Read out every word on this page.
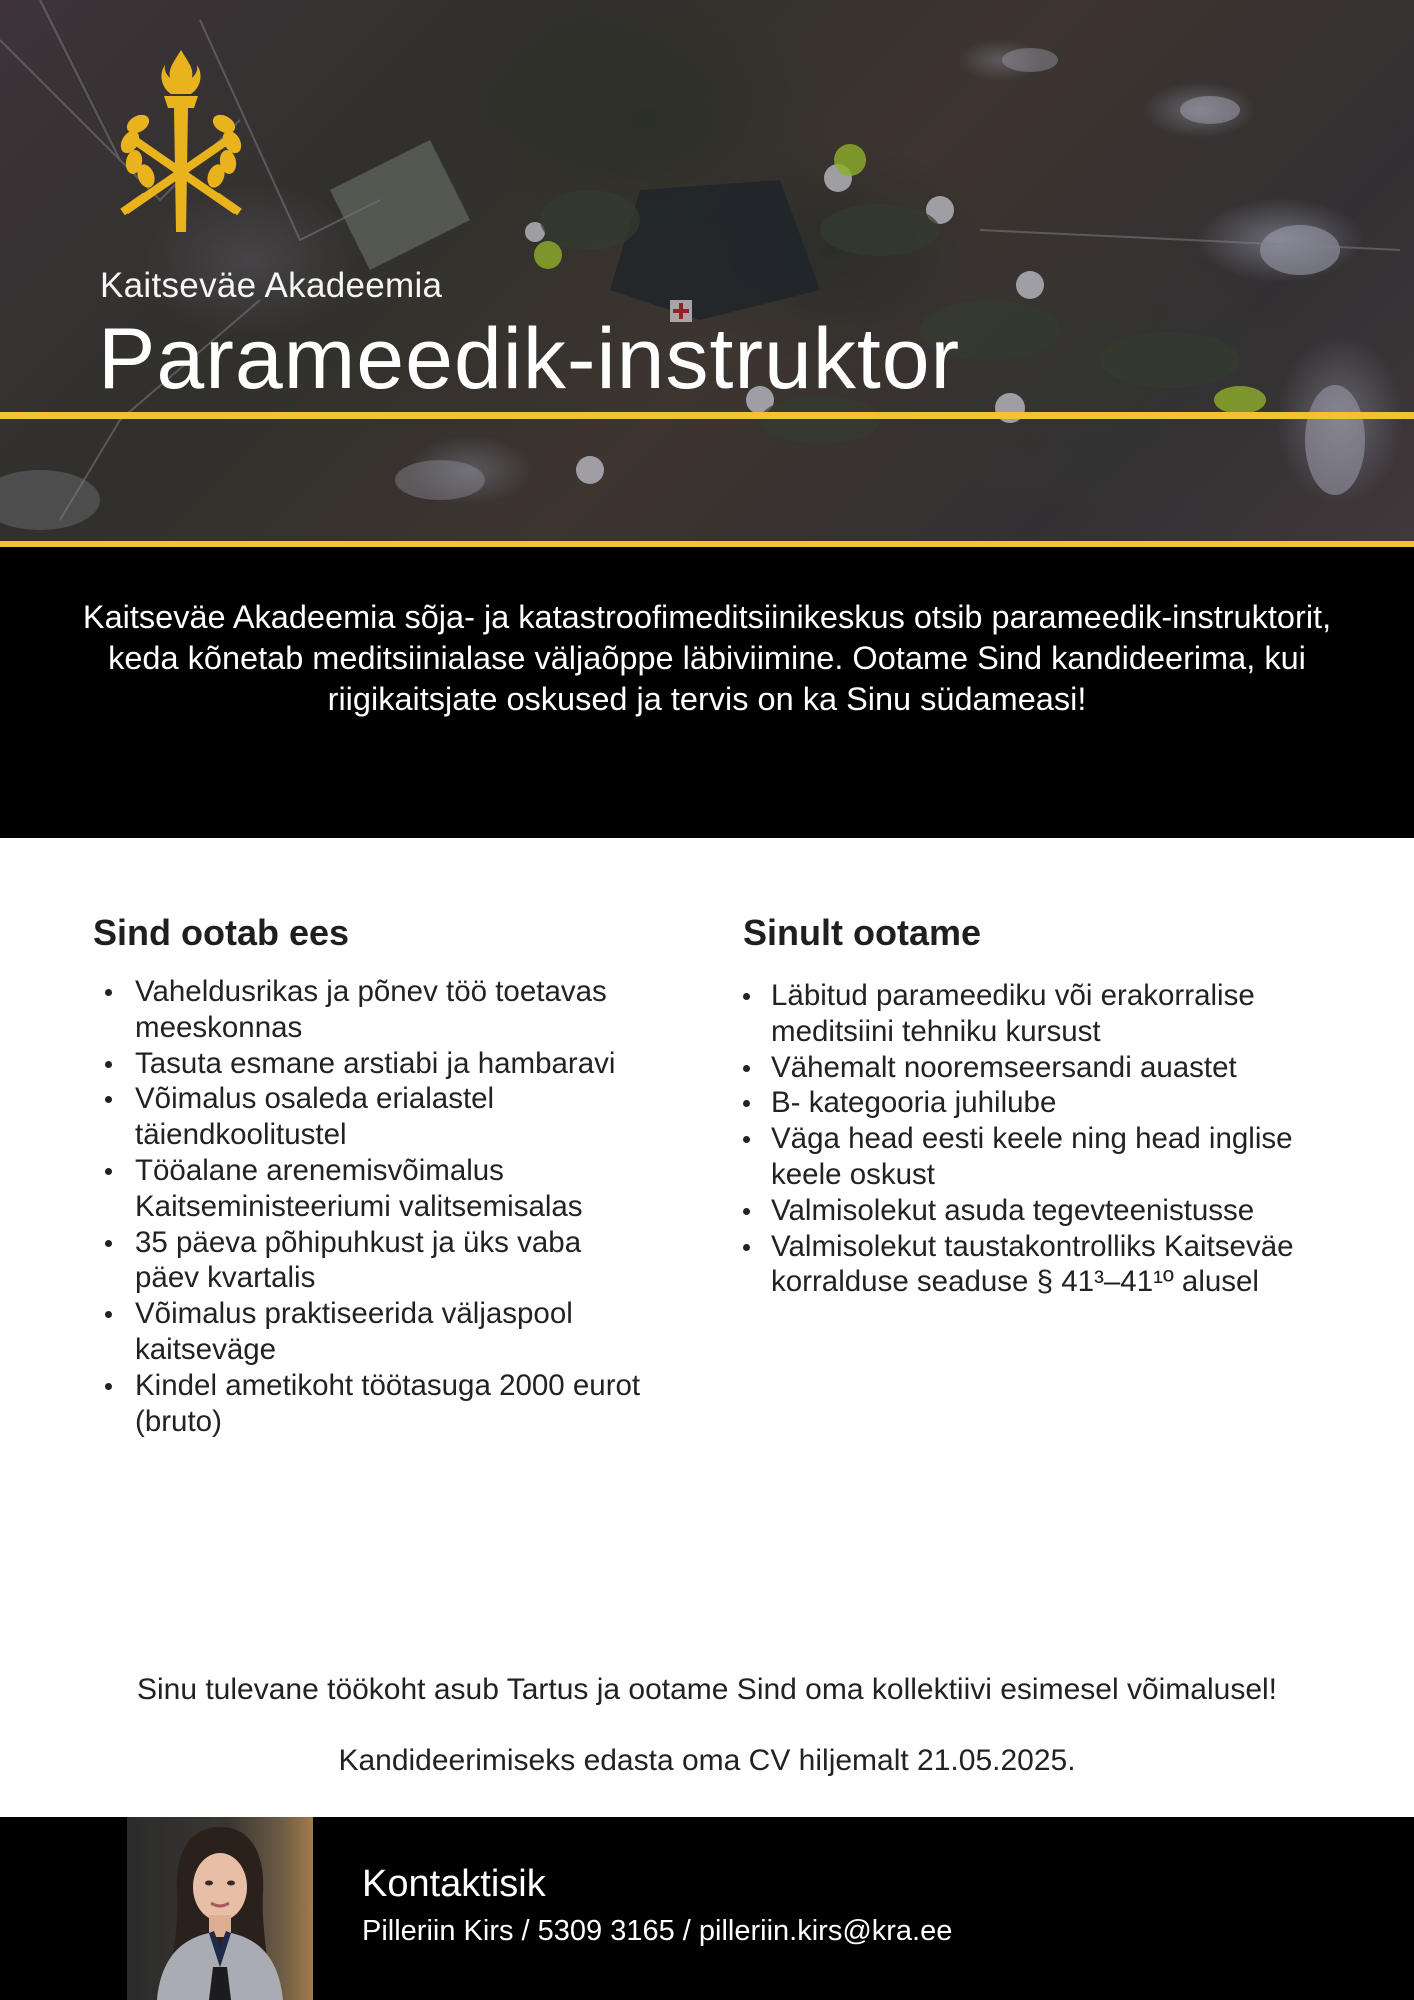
Kaitseväe Akadeemia
Parameedik-instruktor

Kaitseväe Akadeemia sõja- ja katastroofimeditsiinikeskus otsib parameedik-instruktorit, keda kõnetab meditsiinialase väljaõppe läbiviimine. Ootame Sind kandideerima, kui riigikaitsjate oskused ja tervis on ka Sinu südameasi!

Sind ootab ees
Vaheldusrikas ja põnev töö toetavas meeskonnas
Tasuta esmane arstiabi ja hambaravi
Võimalus osaleda erialastel täiendkoolitustel
Tööalane arenemisvõimalus Kaitseministeeriumi valitsemisalas
35 päeva põhipuhkust ja üks vaba päev kvartalis
Võimalus praktiseerida väljaspool kaitseväge
Kindel ametikoht töötasuga 2000 eurot (bruto)
Sinult ootame
Läbitud parameediku või erakorralise meditsiini tehniku kursust
Vähemalt nooremseersandi auastet
B- kategooria juhilube
Väga head eesti keele ning head inglise keele oskust
Valmisolekut asuda tegevteenistusse
Valmisolekut taustakontrolliks Kaitseväe korralduse seaduse § 41³–41¹º alusel

Sinu tulevane töökoht asub Tartus ja ootame Sind oma kollektiivi esimesel võimalusel!

Kandideerimiseks edasta oma CV hiljemalt 21.05.2025.

Kontaktisik
Pilleriin Kirs / 5309 3165 / pilleriin.kirs@kra.ee
